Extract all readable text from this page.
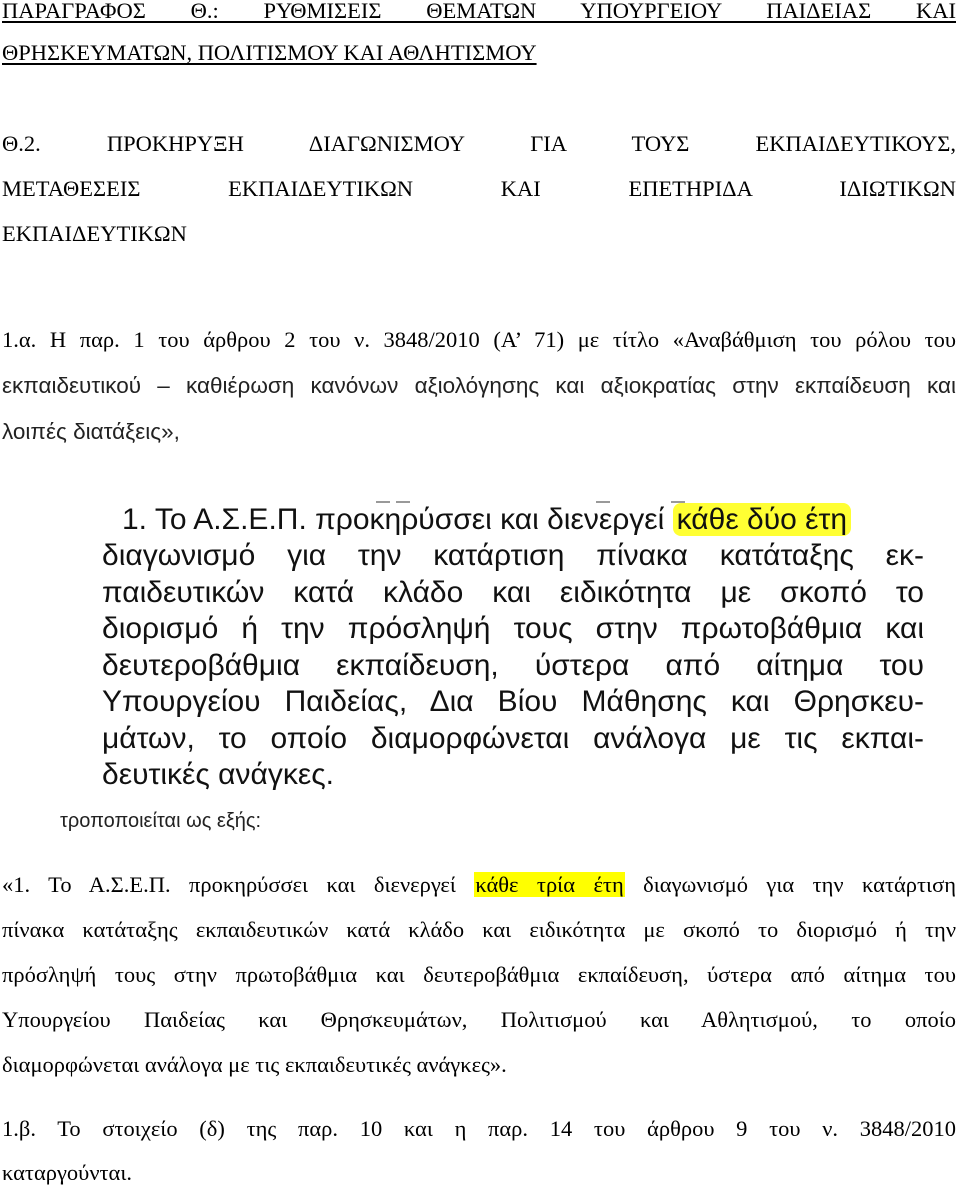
ΠΑΡΑΓΡΑΦΟΣ Θ.: ΡΥΘΜΙΣΕΙΣ ΘΕΜΑΤΩΝ ΥΠΟΥΡΓΕΙΟΥ ΠΑΙΔΕΙΑΣ ΚΑΙ

ΘΡΗΣΚΕΥΜΑΤΩΝ, ΠΟΛΙΤΙΣΜΟΥ ΚΑΙ ΑΘΛΗΤΙΣΜΟΥ

Θ.2. ΠΡΟΚΗΡΥΞΗ ΔΙΑΓΩΝΙΣΜΟΥ ΓΙΑ ΤΟΥΣ ΕΚΠΑΙΔΕΥΤΙΚΟΥΣ,

ΜΕΤΑΘΕΣΕΙΣ ΕΚΠΑΙΔΕΥΤΙΚΩΝ ΚΑΙ ΕΠΕΤΗΡΙΔΑ ΙΔΙΩΤΙΚΩΝ

ΕΚΠΑΙΔΕΥΤΙΚΩΝ

1.α. Η παρ. 1 του άρθρου 2 του ν. 3848/2010 (Α’ 71) με τίτλο «Αναβάθμιση του ρόλου του

εκπαιδευτικού – καθιέρωση κανόνων αξιολόγησης και αξιοκρατίας στην εκπαίδευση και

λοιπές διατάξεις»,

1. Το Α.Σ.Ε.Π. προκηρύσσει και διενεργεί κάθε δύο έτη

διαγωνισμό για την κατάρτιση πίνακα κατάταξης εκ-

παιδευτικών κατά κλάδο και ειδικότητα με σκοπό το

διορισμό ή την πρόσληψή τους στην πρωτοβάθμια και

δευτεροβάθμια εκπαίδευση, ύστερα από αίτημα του

Υπουργείου Παιδείας, Δια Βίου Μάθησης και Θρησκευ-

μάτων, το οποίο διαμορφώνεται ανάλογα με τις εκπαι-

δευτικές ανάγκες.

τροποποιείται ως εξής:

«1. Το Α.Σ.Ε.Π. προκηρύσσει και διενεργεί κάθε τρία έτη διαγωνισμό για την κατάρτιση

πίνακα κατάταξης εκπαιδευτικών κατά κλάδο και ειδικότητα με σκοπό το διορισμό ή την

πρόσληψή τους στην πρωτοβάθμια και δευτεροβάθμια εκπαίδευση, ύστερα από αίτημα του

Υπουργείου Παιδείας και Θρησκευμάτων, Πολιτισμού και Αθλητισμού, το οποίο

διαμορφώνεται ανάλογα με τις εκπαιδευτικές ανάγκες».

1.β. Το στοιχείο (δ) της παρ. 10 και η παρ. 14 του άρθρου 9 του ν. 3848/2010

καταργούνται.
